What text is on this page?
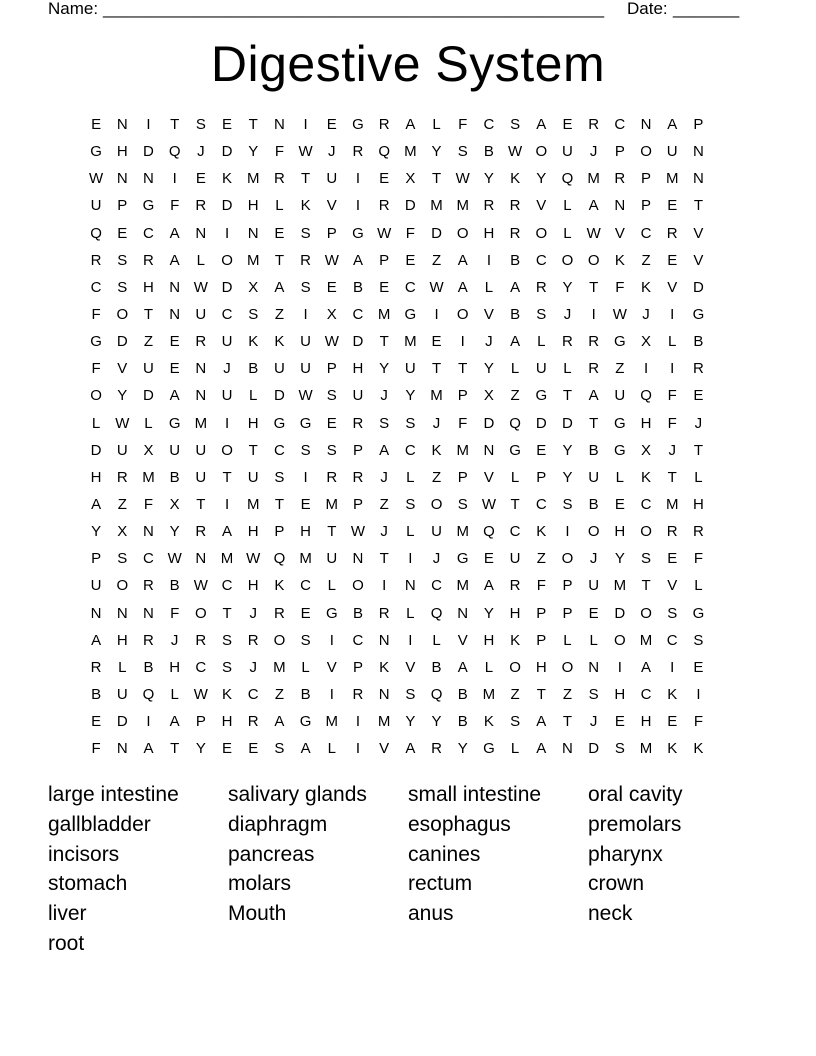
Name: _____________________________________________________ Date: _______
Digestive System
E	N	I	T	S	E	T	N	I	E	G R	A	L	F	C	S	A	E	R	C	N	A	P
G H	D Q	J	D	Y	F W	J	R Q M Y	S	B W O U	J	P	O U	N
W N	N	I	E	K M R	T	U	I	E	X	T W Y	K	Y	Q M R	P M N
U	P	G	F	R	D	H	L	K	V	I	R	D M M R	R	V	L	A	N	P	E	T
Q	E	C	A	N	I	N	E	S	P	G W F	D O H	R O	L W V	C	R	V
R	S	R	A	L	O M	T	R W A	P	E	Z	A	I	B	C O O	K	Z	E	V
C	S	H	N W D	X	A	S	E	B	E	C W A	L	A	R	Y	T	F	K	V	D
F	O	T	N	U	C	S	Z	I	X	C M G	I	O	V	B	S	J	I	W	J	I	G
G D	Z	E	R	U	K	K	U W D	T	M E	I	J	A	L	R	R G	X	L	B
F	V	U	E	N	J	B	U	U	P	H	Y	U	T	T	Y	L	U	L	R	Z	I	I	R
O	Y	D	A	N	U	L	D W S	U	J	Y M P	X	Z	G	T	A	U Q	F	E
L W L	G M	I	H G G	E	R	S	S	J	F	D Q D	D	T	G H	F	J
D	U	X	U	U O	T	C	S	S	P	A	C	K M N G	E	Y	B	G	X	J	T
H	R M B	U	T	U	S	I	R	R	J	L	Z	P	V	L	P	Y	U	L	K	T	L
A	Z	F	X	T	I	M	T	E M P	Z	S	O	S W T	C	S	B	E	C M H
Y	X	N	Y	R	A	H	P	H	T W	J	L	U M Q C	K	I	O H O R	R
P	S	C W N M W Q M U	N	T	I	J	G	E	U	Z	O	J	Y	S	E	F
U O R	B W C	H	K	C	L	O	I	N	C M A	R	F	P	U M	T	V	L
N	N	N	F	O	T	J	R	E	G	B	R	L	Q N	Y	H	P	P	E	D O	S	G
A	H	R	J	R	S	R O	S	I	C	N	I	L	V	H	K	P	L	L	O M C	S
R	L	B	H	C	S	J	M	L	V	P	K	V	B	A	L	O H O N	I	A	I	E
B	U Q	L W K	C	Z	B	I	R	N	S	Q	B M	Z	T	Z	S	H	C	K	I
E	D	I	A	P	H	R	A	G M	I	M Y	Y	B	K	S	A	T	J	E	H	E	F
F	N	A	T	Y	E	E	S	A	L	I	V	A	R	Y	G	L	A	N	D	S M K	K
large intestine	salivary glands	small intestine	oral cavity
gallbladder	diaphragm	esophagus	premolars
incisors	pancreas	canines	pharynx
stomach	molars	rectum	crown
liver	Mouth	anus	neck
root
